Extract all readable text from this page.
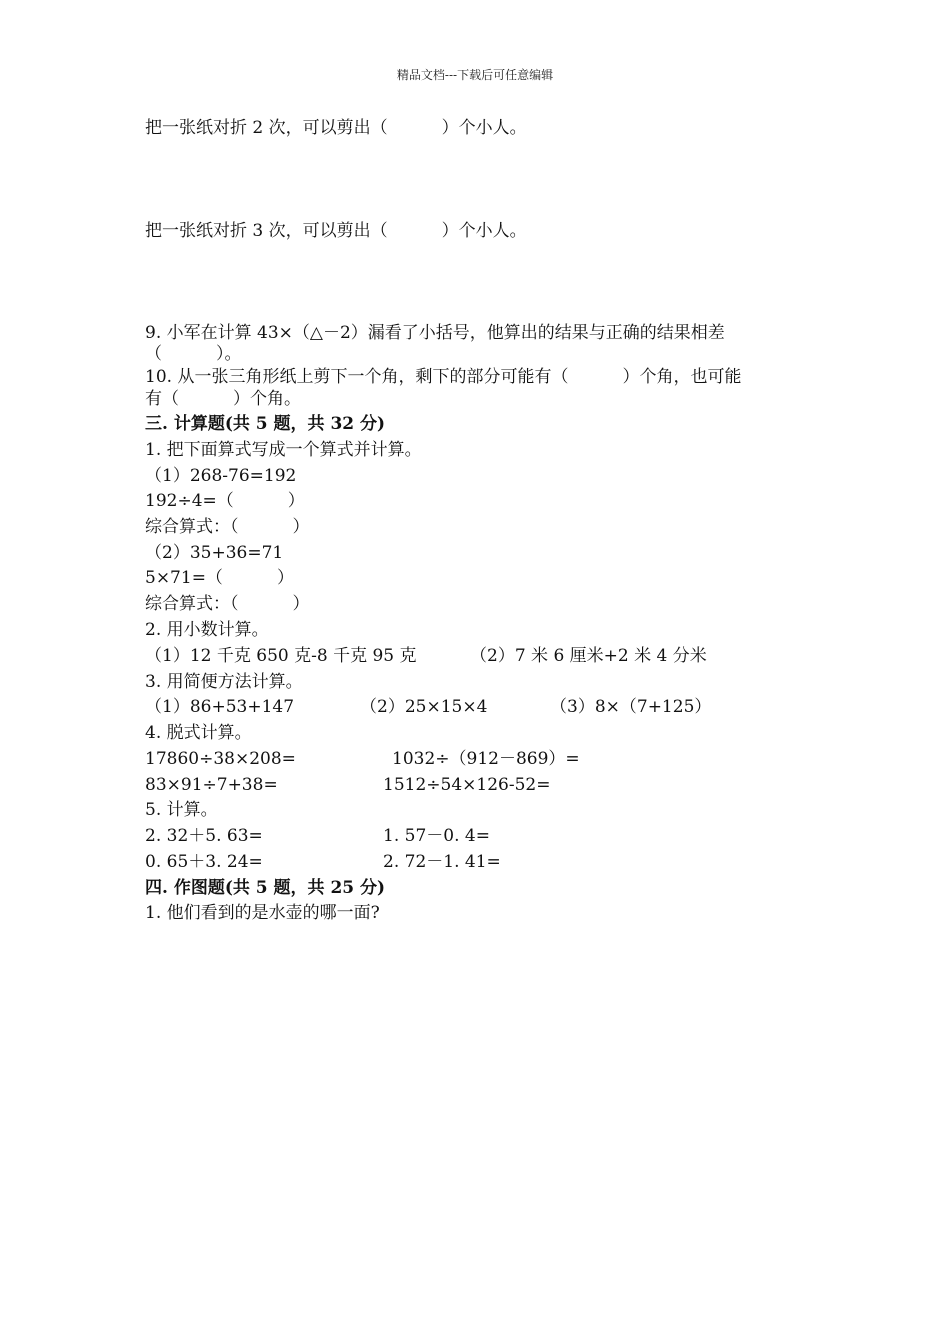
精品文档---下载后可任意编辑
把一张纸对折 2 次，可以剪出（          ）个小人。
把一张纸对折 3 次，可以剪出（          ）个小人。
9. 小军在计算 43×（△－2）漏看了小括号，他算出的结果与正确的结果相差
（          ）。
10. 从一张三角形纸上剪下一个角，剩下的部分可能有（          ）个角，也可能
有（          ）个角。
三. 计算题(共 5 题，共 32 分)
1. 把下面算式写成一个算式并计算。
（1）268-76=192
192÷4=（          ）
综合算式：（          ）
（2）35+36=71
5×71=（          ）
综合算式：（          ）
2. 用小数计算。
（1）12 千克 650 克-8 千克 95 克	（2）7 米 6 厘米+2 米 4 分米
3. 用简便方法计算。
（1）86+53+147	（2）25×15×4	（3）8×（7+125）
4. 脱式计算。
17860÷38×208=	1032÷（912－869）=
83×91÷7+38=	1512÷54×126-52=
5. 计算。
2. 32＋5. 63=	1. 57－0. 4=
0. 65＋3. 24=	2. 72－1. 41=
四. 作图题(共 5 题，共 25 分)
1. 他们看到的是水壶的哪一面?
